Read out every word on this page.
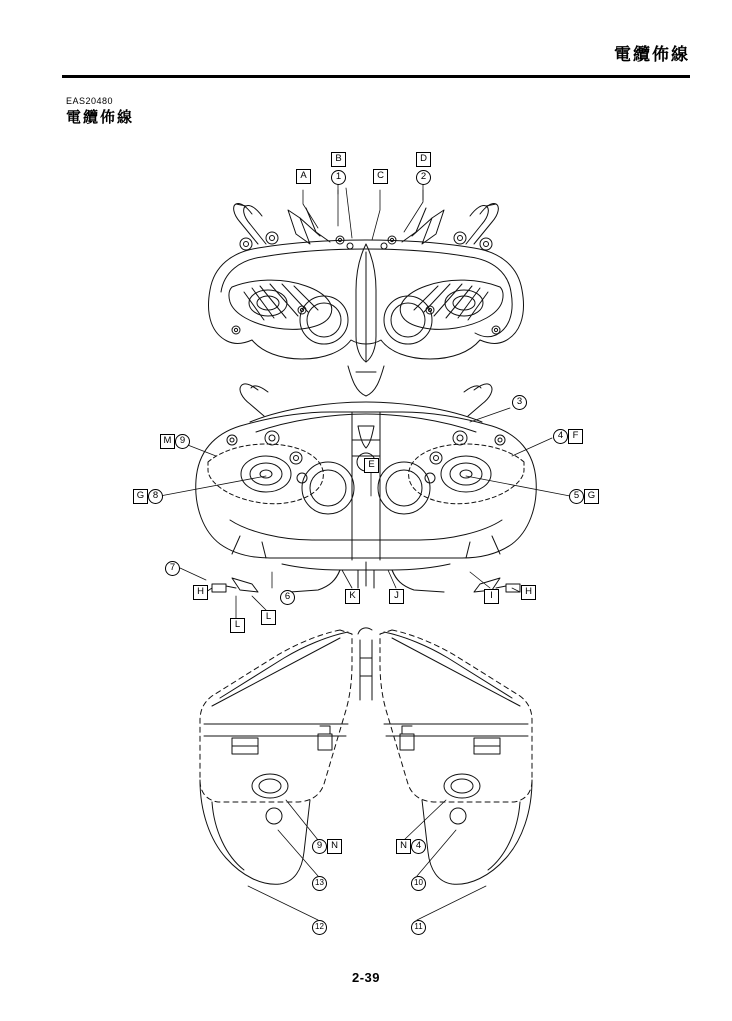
電纜佈線
EAS20480
電纜佈線
A
B
1	C
D
2
3
M 9	4 F
E
G 8	5 G
7
H	6	K	J	I	H
L
L
9 N	N 4
13	10
12	11
2-39
